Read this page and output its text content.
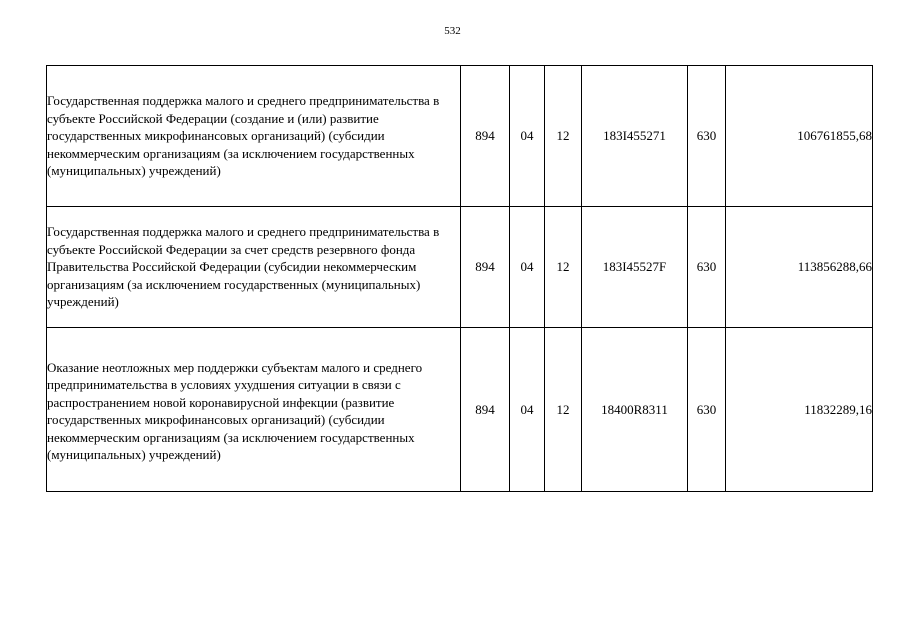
532
Государственная поддержка малого и среднего предпринимательства в субъекте Российской Федерации (создание и (или) развитие государственных микрофинансовых организаций) (субсидии некоммерческим организациям (за исключением государственных (муниципальных) учреждений)	894	04	12	183I455271	630	106761855,68
Государственная поддержка малого и среднего предпринимательства в субъекте Российской Федерации за счет средств резервного фонда Правительства Российской Федерации (субсидии некоммерческим организациям (за исключением государственных (муниципальных) учреждений)	894	04	12	183I45527F	630	113856288,66
Оказание неотложных мер поддержки субъектам малого и среднего предпринимательства в условиях ухудшения ситуации в связи с распространением новой коронавирусной инфекции (развитие государственных микрофинансовых организаций) (субсидии некоммерческим организациям (за исключением государственных (муниципальных) учреждений)	894	04	12	18400R8311	630	11832289,16
